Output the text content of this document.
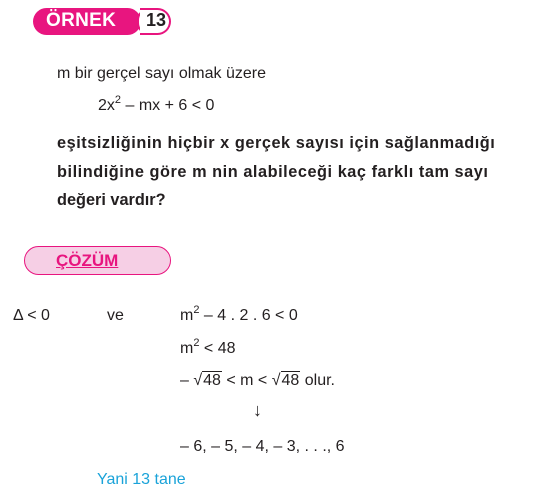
ÖRNEK 13
m bir gerçel sayı olmak üzere
$2x^2$ – mx + 6 < 0
eşitsizliğinin hiçbir x gerçek sayısı için sağlanmadığı
bilindiğine göre m nin alabileceği kaç farklı tam sayı
değeri vardır?
ÇÖZÜM
Δ < 0	ve	$m^2 - 4$ . 2 . 6 < 0
$m^2 < 48$
– √48 < m < √48 olur.
↓
– 6, – 5, – 4, – 3, . . ., 6
Yani 13 tane
